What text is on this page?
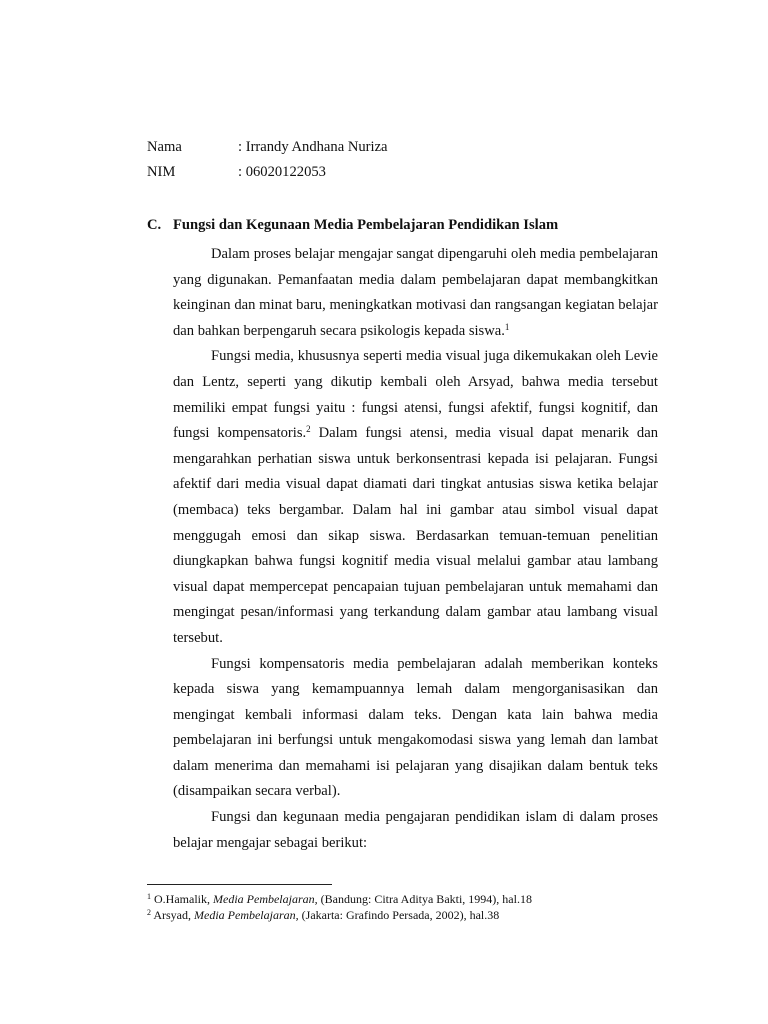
Nama	: Irrandy Andhana Nuriza
NIM	: 06020122053
C. Fungsi dan Kegunaan Media Pembelajaran Pendidikan Islam

Dalam proses belajar mengajar sangat dipengaruhi oleh media pembelajaran yang digunakan. Pemanfaatan media dalam pembelajaran dapat membangkitkan keinginan dan minat baru, meningkatkan motivasi dan rangsangan kegiatan belajar dan bahkan berpengaruh secara psikologis kepada siswa.$^1$

Fungsi media, khususnya seperti media visual juga dikemukakan oleh Levie dan Lentz, seperti yang dikutip kembali oleh Arsyad, bahwa media tersebut memiliki empat fungsi yaitu : fungsi atensi, fungsi afektif, fungsi kognitif, dan fungsi kompensatoris.$^2$ Dalam fungsi atensi, media visual dapat menarik dan mengarahkan perhatian siswa untuk berkonsentrasi kepada isi pelajaran. Fungsi afektif dari media visual dapat diamati dari tingkat antusias siswa ketika belajar (membaca) teks bergambar. Dalam hal ini gambar atau simbol visual dapat menggugah emosi dan sikap siswa. Berdasarkan temuan-temuan penelitian diungkapkan bahwa fungsi kognitif media visual melalui gambar atau lambang visual dapat mempercepat pencapaian tujuan pembelajaran untuk memahami dan mengingat pesan/informasi yang terkandung dalam gambar atau lambang visual tersebut.

Fungsi kompensatoris media pembelajaran adalah memberikan konteks kepada siswa yang kemampuannya lemah dalam mengorganisasikan dan mengingat kembali informasi dalam teks. Dengan kata lain bahwa media pembelajaran ini berfungsi untuk mengakomodasi siswa yang lemah dan lambat dalam menerima dan memahami isi pelajaran yang disajikan dalam bentuk teks (disampaikan secara verbal).

Fungsi dan kegunaan media pengajaran pendidikan islam di dalam proses belajar mengajar sebagai berikut:

$^1$ O.Hamalik, Media Pembelajaran, (Bandung: Citra Aditya Bakti, 1994), hal.18
$^2$ Arsyad, Media Pembelajaran, (Jakarta: Grafindo Persada, 2002), hal.38
